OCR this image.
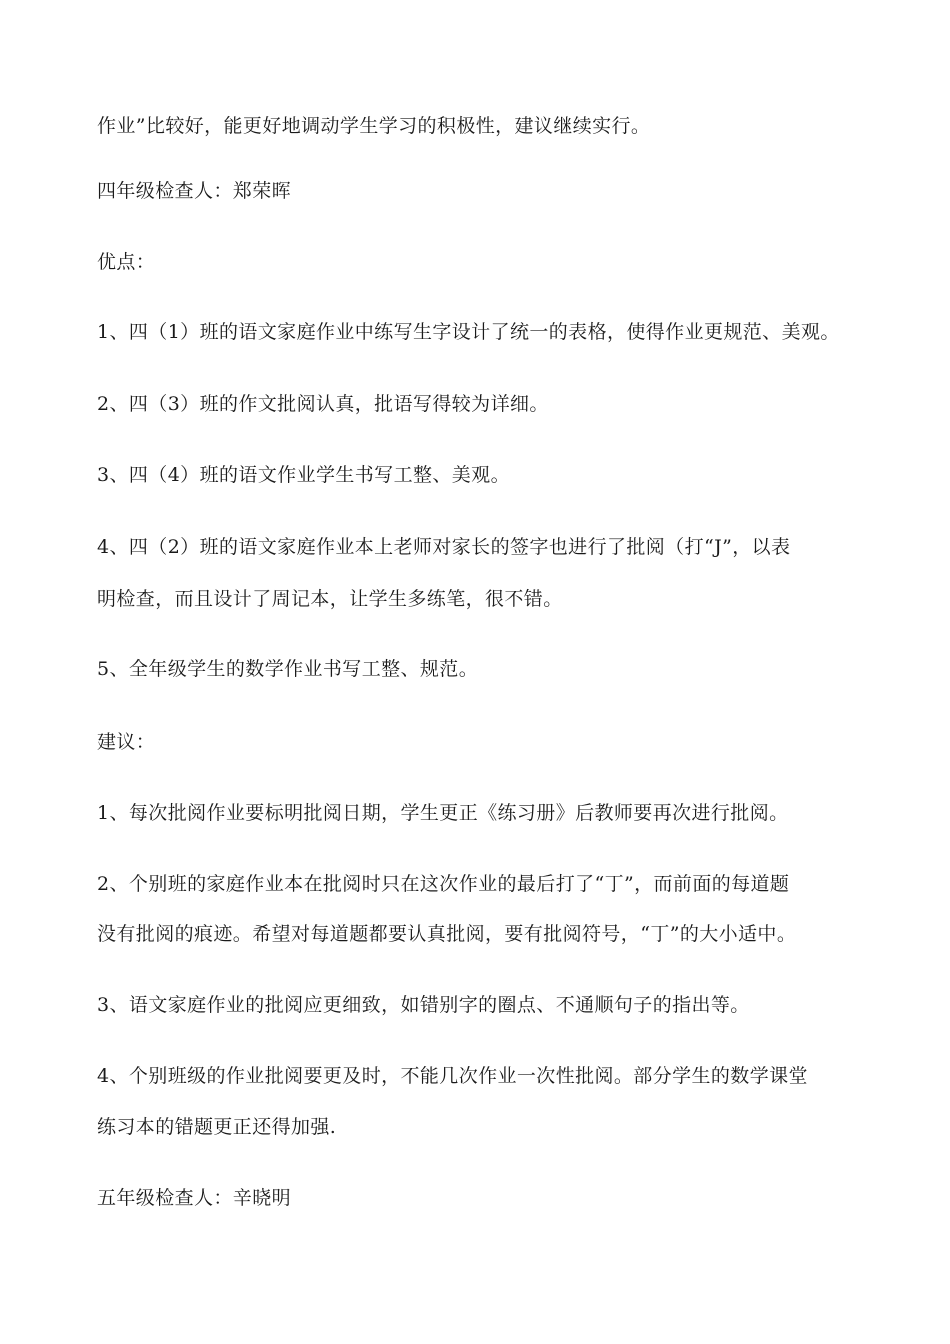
作业”比较好，能更好地调动学生学习的积极性，建议继续实行。
四年级检查人：郑荣晖
优点：
1、四（1）班的语文家庭作业中练写生字设计了统一的表格，使得作业更规范、美观。
2、四（3）班的作文批阅认真，批语写得较为详细。
3、四（4）班的语文作业学生书写工整、美观。
4、四（2）班的语文家庭作业本上老师对家长的签字也进行了批阅（打“J”，以表
明检查，而且设计了周记本，让学生多练笔，很不错。
5、全年级学生的数学作业书写工整、规范。
建议：
1、每次批阅作业要标明批阅日期，学生更正《练习册》后教师要再次进行批阅。
2、个别班的家庭作业本在批阅时只在这次作业的最后打了“丁”，而前面的每道题
没有批阅的痕迹。希望对每道题都要认真批阅，要有批阅符号，“丁”的大小适中。
3、语文家庭作业的批阅应更细致，如错别字的圈点、不通顺句子的指出等。
4、个别班级的作业批阅要更及时，不能几次作业一次性批阅。部分学生的数学课堂
练习本的错题更正还得加强.
五年级检查人：辛晓明
